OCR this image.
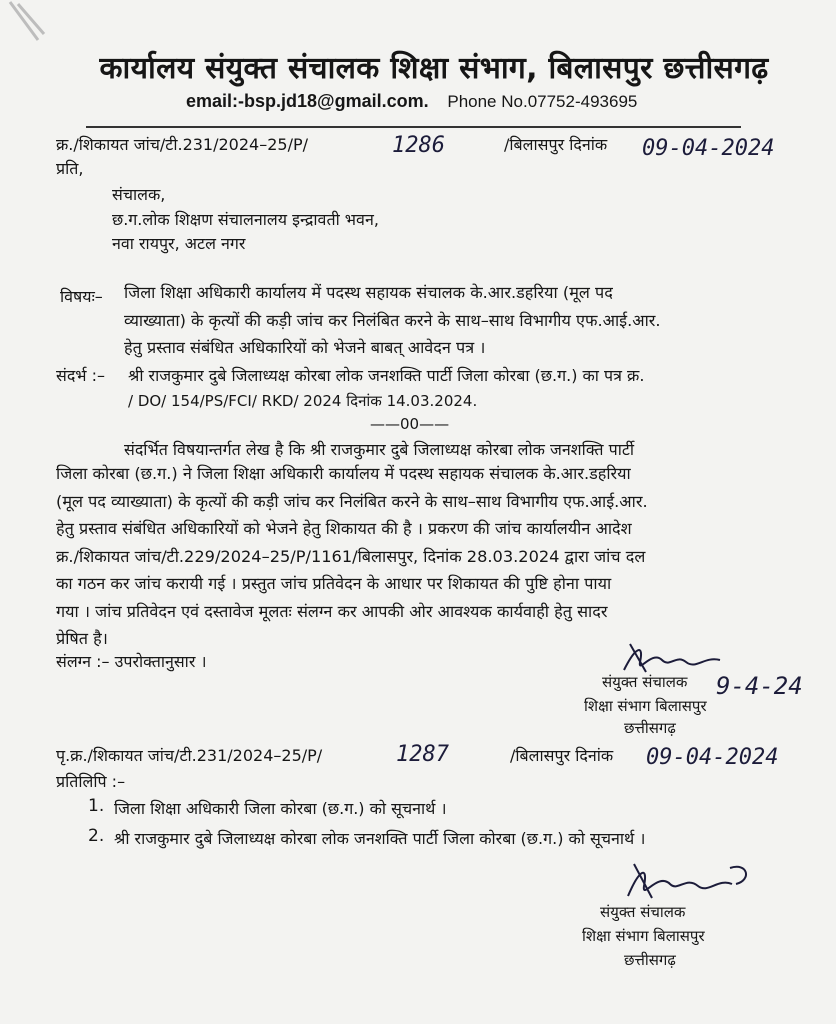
कार्यालय संयुक्त संचालक शिक्षा संभाग, बिलासपुर छत्तीसगढ़
email:-bsp.jd18@gmail.com. Phone No.07752-493695
क्र./शिकायत जांच/टी.231/2024–25/P/	1286	/बिलासपुर दिनांक 09-04-2024
प्रति,
संचालक,
छ.ग.लोक शिक्षण संचालनालय इन्द्रावती भवन,
नवा रायपुर, अटल नगर
विषयः– जिला शिक्षा अधिकारी कार्यालय में पदस्थ सहायक संचालक के.आर.डहरिया (मूल पद
व्याख्याता) के कृत्यों की कड़ी जांच कर निलंबित करने के साथ–साथ विभागीय एफ.आई.आर.
हेतु प्रस्ताव संबंधित अधिकारियों को भेजने बाबत् आवेदन पत्र ।
संदर्भ :– श्री राजकुमार दुबे जिलाध्यक्ष कोरबा लोक जनशक्ति पार्टी जिला कोरबा (छ.ग.) का पत्र क्र.
/ DO/ 154/PS/FCI/ RKD/ 2024 दिनांक 14.03.2024.
——00——
संदर्भित विषयान्तर्गत लेख है कि श्री राजकुमार दुबे जिलाध्यक्ष कोरबा लोक जनशक्ति पार्टी
जिला कोरबा (छ.ग.) ने जिला शिक्षा अधिकारी कार्यालय में पदस्थ सहायक संचालक के.आर.डहरिया
(मूल पद व्याख्याता) के कृत्यों की कड़ी जांच कर निलंबित करने के साथ–साथ विभागीय एफ.आई.आर.
हेतु प्रस्ताव संबंधित अधिकारियों को भेजने हेतु शिकायत की है । प्रकरण की जांच कार्यालयीन आदेश
क्र./शिकायत जांच/टी.229/2024–25/P/1161/बिलासपुर, दिनांक 28.03.2024 द्वारा जांच दल
का गठन कर जांच करायी गई । प्रस्तुत जांच प्रतिवेदन के आधार पर शिकायत की पुष्टि होना पाया
गया । जांच प्रतिवेदन एवं दस्तावेज मूलतः संलग्न कर आपकी ओर आवश्यक कार्यवाही हेतु सादर
प्रेषित है।
संलग्न :– उपरोक्तानुसार ।
संयुक्त संचालक 9-4-24
शिक्षा संभाग बिलासपुर
छत्तीसगढ़
पृ.क्र./शिकायत जांच/टी.231/2024–25/P/	1287	/बिलासपुर दिनांक 09-04-2024
प्रतिलिपि :–
1. जिला शिक्षा अधिकारी जिला कोरबा (छ.ग.) को सूचनार्थ ।
2. श्री राजकुमार दुबे जिलाध्यक्ष कोरबा लोक जनशक्ति पार्टी जिला कोरबा (छ.ग.) को सूचनार्थ ।
संयुक्त संचालक
शिक्षा संभाग बिलासपुर
छत्तीसगढ़
